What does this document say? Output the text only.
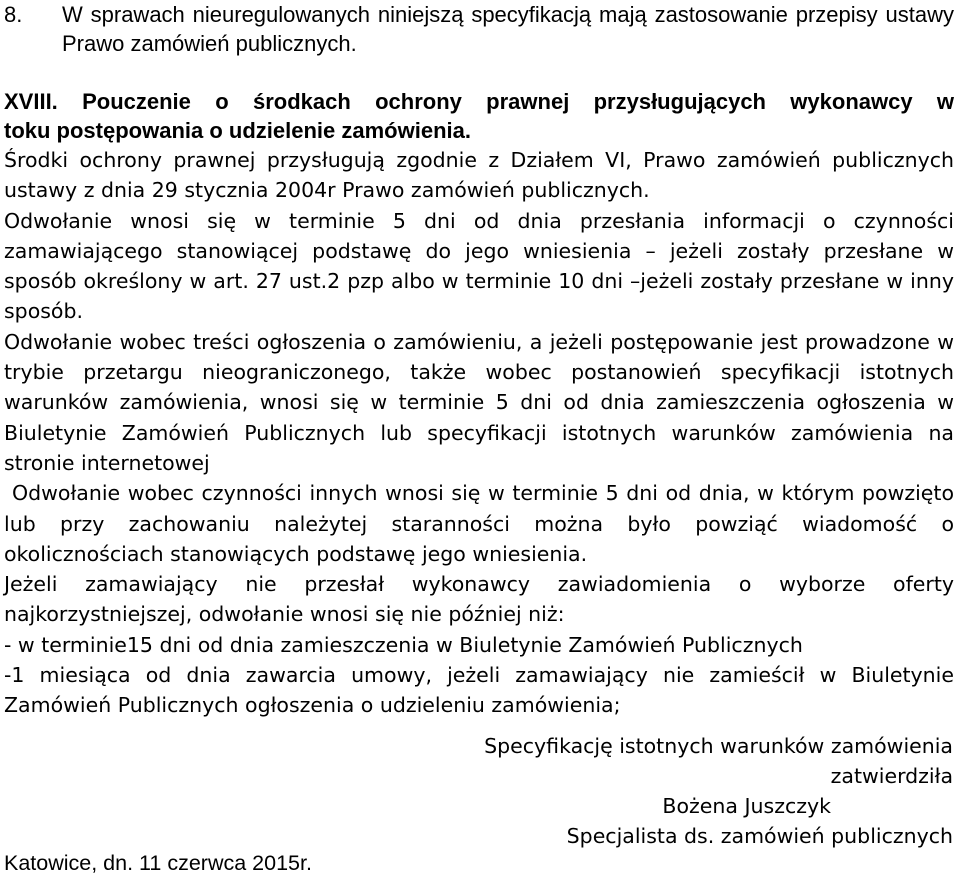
8.	W sprawach nieuregulowanych niniejszą specyfikacją mają zastosowanie przepisy ustawy Prawo zamówień publicznych.
XVIII. Pouczenie o środkach ochrony prawnej przysługujących wykonawcy w
toku postępowania o udzielenie zamówienia.

Środki ochrony prawnej przysługują zgodnie z Działem VI, Prawo zamówień publicznych ustawy z dnia 29 stycznia 2004r Prawo zamówień publicznych.

Odwołanie wnosi się w terminie 5 dni od dnia przesłania informacji o czynności zamawiającego stanowiącej podstawę do jego wniesienia – jeżeli zostały przesłane w sposób określony w art. 27 ust.2 pzp albo w terminie 10 dni –jeżeli zostały przesłane w inny sposób.

Odwołanie wobec treści ogłoszenia o zamówieniu, a jeżeli postępowanie jest prowadzone w trybie przetargu nieograniczonego, także wobec postanowień specyfikacji istotnych warunków zamówienia, wnosi się w terminie 5 dni od dnia zamieszczenia ogłoszenia w Biuletynie Zamówień Publicznych lub specyfikacji istotnych warunków zamówienia na stronie internetowej

Odwołanie wobec czynności innych wnosi się w terminie 5 dni od dnia, w którym powzięto lub przy zachowaniu należytej staranności można było powziąć wiadomość o okolicznościach stanowiących podstawę jego wniesienia.

Jeżeli zamawiający nie przesłał wykonawcy zawiadomienia o wyborze oferty najkorzystniejszej, odwołanie wnosi się nie później niż:

- w terminie15 dni od dnia zamieszczenia w Biuletynie Zamówień Publicznych

-1 miesiąca od dnia zawarcia umowy, jeżeli zamawiający nie zamieścił w Biuletynie Zamówień Publicznych ogłoszenia o udzieleniu zamówienia;

Specyfikację istotnych warunków zamówienia
zatwierdziła
Bożena Juszczyk
Specjalista ds. zamówień publicznych
Katowice, dn. 11 czerwca 2015r.
